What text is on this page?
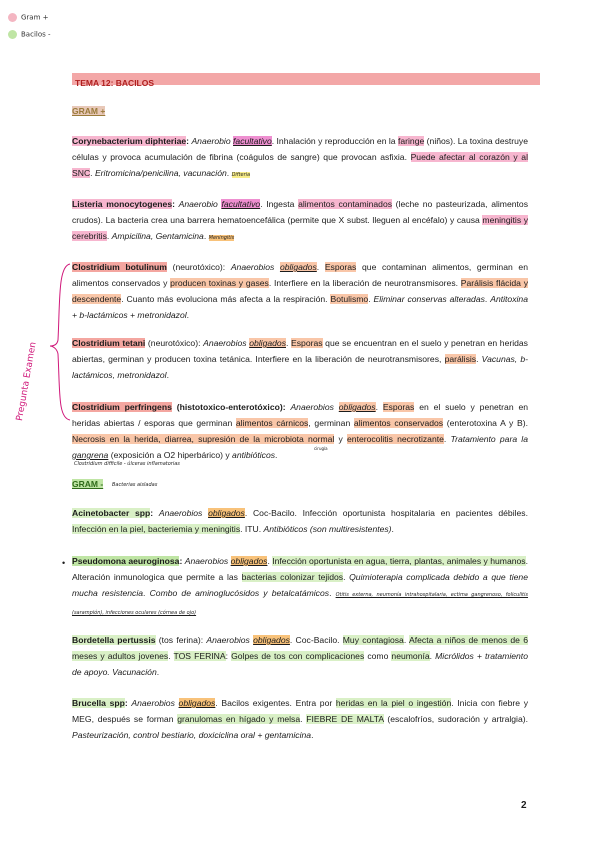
Gram +
Bacilos -
TEMA 12: BACILOS
GRAM +
Pregunta Examen
Corynebacterium diphteriae: Anaerobio facultativo. Inhalación y reproducción en la faringe (niños). La toxina destruye células y provoca acumulación de fibrina (coágulos de sangre) que provocan asfixia. Puede afectar al corazón y al SNC. Eritromicina/penicilina, vacunación. Difteria
Listeria monocytogenes: Anaerobio facultativo. Ingesta alimentos contaminados (leche no pasteurizada, alimentos crudos). La bacteria crea una barrera hematoencefálica (permite que X subst. lleguen al encéfalo) y causa meningitis y cerebritis. Ampicilina, Gentamicina. Meningitis
Clostridium botulinum (neurotóxico): Anaerobios obligados. Esporas que contaminan alimentos, germinan en alimentos conservados y producen toxinas y gases. Interfiere en la liberación de neurotransmisores. Parálisis flácida y descendente. Cuanto más evoluciona más afecta a la respiración. Botulismo. Eliminar conservas alteradas. Antitoxina + b-lactámicos + metronidazol.
Clostridium tetani (neurotóxico): Anaerobios obligados. Esporas que se encuentran en el suelo y penetran en heridas abiertas, germinan y producen toxina tetánica. Interfiere en la liberación de neurotransmisores, parálisis. Vacunas, b-lactámicos, metronidazol.
Clostridium perfringens (histotoxico-enterotóxico): Anaerobios obligados. Esporas en el suelo y penetran en heridas abiertas / esporas que germinan alimentos cárnicos, germinan alimentos conservados (enterotoxina A y B). Necrosis en la herida, diarrea, supresión de la microbiota normal y enterocolitis necrotizante. Tratamiento para la gangrena (exposición a O2 hiperbárico) y antibióticos.
Clostridium difficile - úlceras inflamatorias
cirugía
GRAM - Bacterias aisladas
Acinetobacter spp: Anaerobios obligados. Coc-Bacilo. Infección oportunista hospitalaria en pacientes débiles. Infección en la piel, bacteriemia y meningitis. ITU. Antibióticos (son multiresistentes).
• Pseudomona aeuroginosa: Anaerobios obligados. Infección oportunista en agua, tierra, plantas, animales y humanos. Alteración inmunologica que permite a las bacterias colonizar tejidos. Quimioterapia complicada debido a que tiene mucha resistencia. Combo de aminoglucósidos y betalcatámicos. Otitis externa, neumonía intrahospitalaria, ectima gangrenoso, foliculitis (sarampión), infecciones oculares (córnea de ojo)
Bordetella pertussis (tos ferina): Anaerobios obligados. Coc-Bacilo. Muy contagiosa. Afecta a niños de menos de 6 meses y adultos jovenes. TOS FERINA: Golpes de tos con complicaciones como neumonía. Micrólidos + tratamiento de apoyo. Vacunación.
Brucella spp: Anaerobios obligados. Bacilos exigentes. Entra por heridas en la piel o ingestión. Inicia con fiebre y MEG, después se forman granulomas en hígado y melsa. FIEBRE DE MALTA (escalofríos, sudoración y artralgia). Pasteurización, control bestiario, doxiciclina oral + gentamicina.
2
